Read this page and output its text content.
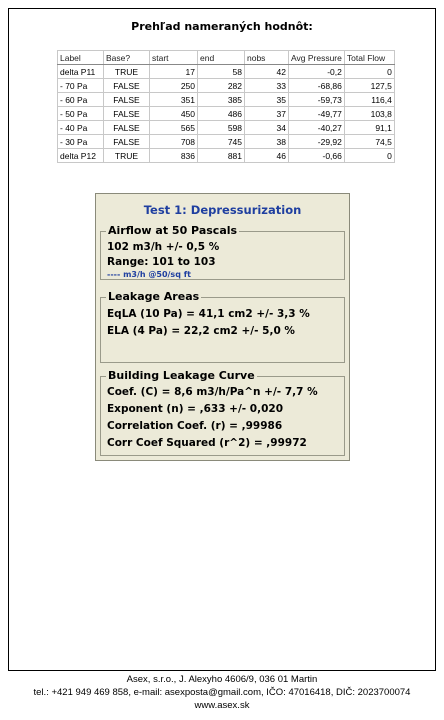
Prehľad nameraných hodnôt:
Label	Base?	start	end	nobs	Avg Pressure	Total Flow
delta P11	TRUE	17	58	42	-0,2	0
- 70 Pa	FALSE	250	282	33	-68,86	127,5
- 60 Pa	FALSE	351	385	35	-59,73	116,4
- 50 Pa	FALSE	450	486	37	-49,77	103,8
- 40 Pa	FALSE	565	598	34	-40,27	91,1
- 30 Pa	FALSE	708	745	38	-29,92	74,5
delta P12	TRUE	836	881	46	-0,66	0
Test 1: Depressurization
Airflow at 50 Pascals
102 m3/h +/- 0,5 %
Range: 101 to 103
---- m3/h @50/sq ft
Leakage Areas
EqLA (10 Pa) = 41,1 cm2 +/- 3,3 %
ELA (4 Pa) = 22,2 cm2 +/- 5,0 %
Building Leakage Curve
Coef. (C) = 8,6 m3/h/Pa^n +/- 7,7 %
Exponent (n) = ,633 +/- 0,020
Correlation Coef. (r) = ,99986
Corr Coef Squared (r^2) = ,99972
Asex, s.r.o., J. Alexyho 4606/9, 036 01 Martin
tel.: +421 949 469 858, e-mail: asexposta@gmail.com, IČO: 47016418, DIČ: 2023700074
www.asex.sk
